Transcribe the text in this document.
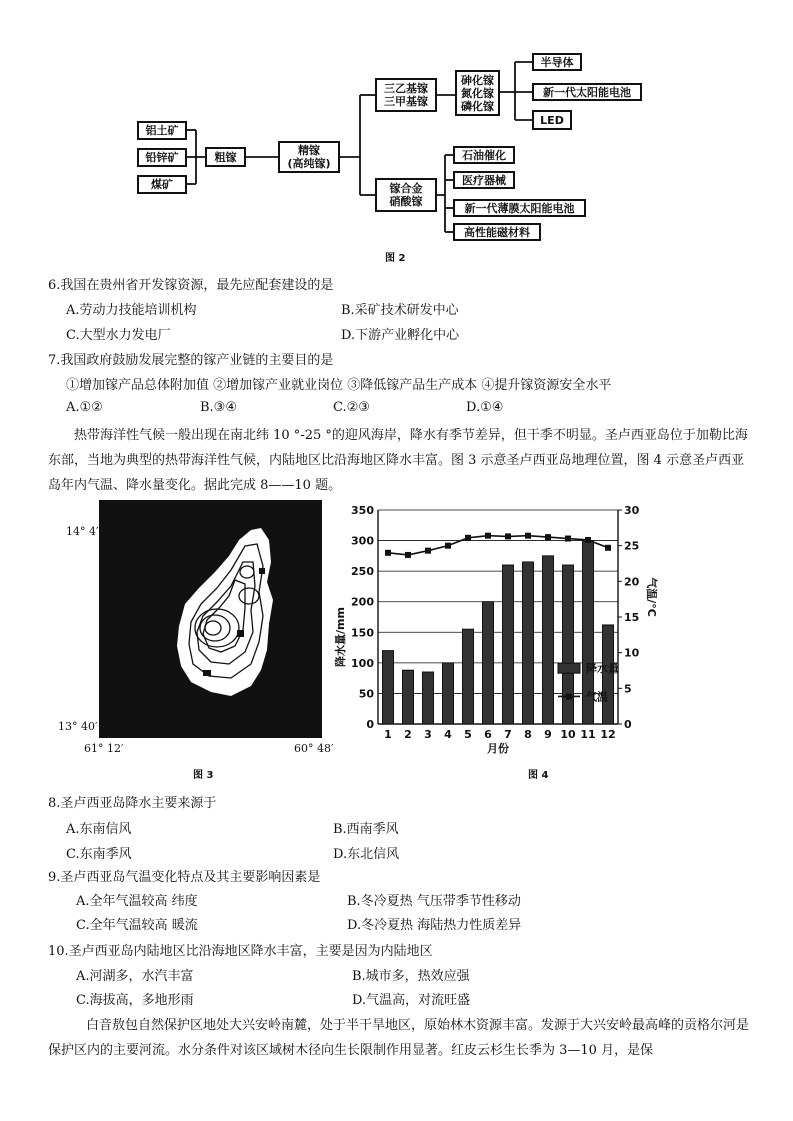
铝土矿
铅锌矿
煤矿
粗镓	精镓
(高纯镓)
三乙基镓
三甲基镓
砷化镓
氮化镓
磷化镓
半导体
新一代太阳能电池
LED
镓合金
硝酸镓
石油催化
医疗器械
新一代薄膜太阳能电池
高性能磁材料
图 2
6.我国在贵州省开发镓资源，最先应配套建设的是
A.劳动力技能培训机构	B.采矿技术研发中心
C.大型水力发电厂	D.下游产业孵化中心
7.我国政府鼓励发展完整的镓产业链的主要目的是
①增加镓产品总体附加值 ②增加镓产业就业岗位 ③降低镓产品生产成本 ④提升镓资源安全水平
A.①②	B.③④	C.②③	D.①④
热带海洋性气候一般出现在南北纬 10 °-25 °的迎风海岸，降水有季节差异，但干季不明显。圣卢西亚岛位于加勒比海东部，当地为典型的热带海洋性气候，内陆地区比沿海地区降水丰富。图 3 示意圣卢西亚岛地理位置，图 4 示意圣卢西亚岛年内气温、降水量变化。据此完成 8——10 题。
14° 4′
13° 40′
61° 12′	60° 48′
图 3
0
50
100
150
200
250
300
350
0
5
10
15
20
25
30
1 2 3 4 5 6 7 8 9 10 11 12
降水量/mm
气温/°C
月份
降水量
气温
图 4
8.圣卢西亚岛降水主要来源于
A.东南信风	B.西南季风
C.东南季风	D.东北信风
9.圣卢西亚岛气温变化特点及其主要影响因素是
A.全年气温较高 纬度	B.冬冷夏热 气压带季节性移动
C.全年气温较高 暖流	D.冬冷夏热 海陆热力性质差异
10.圣卢西亚岛内陆地区比沿海地区降水丰富，主要是因为内陆地区
A.河湖多，水汽丰富	B.城市多，热效应强
C.海拔高，多地形雨	D.气温高，对流旺盛
白音敖包自然保护区地处大兴安岭南麓，处于半干旱地区，原始林木资源丰富。发源于大兴安岭最高峰的贡格尔河是保护区内的主要河流。水分条件对该区域树木径向生长限制作用显著。红皮云杉生长季为 3—10 月，是保
